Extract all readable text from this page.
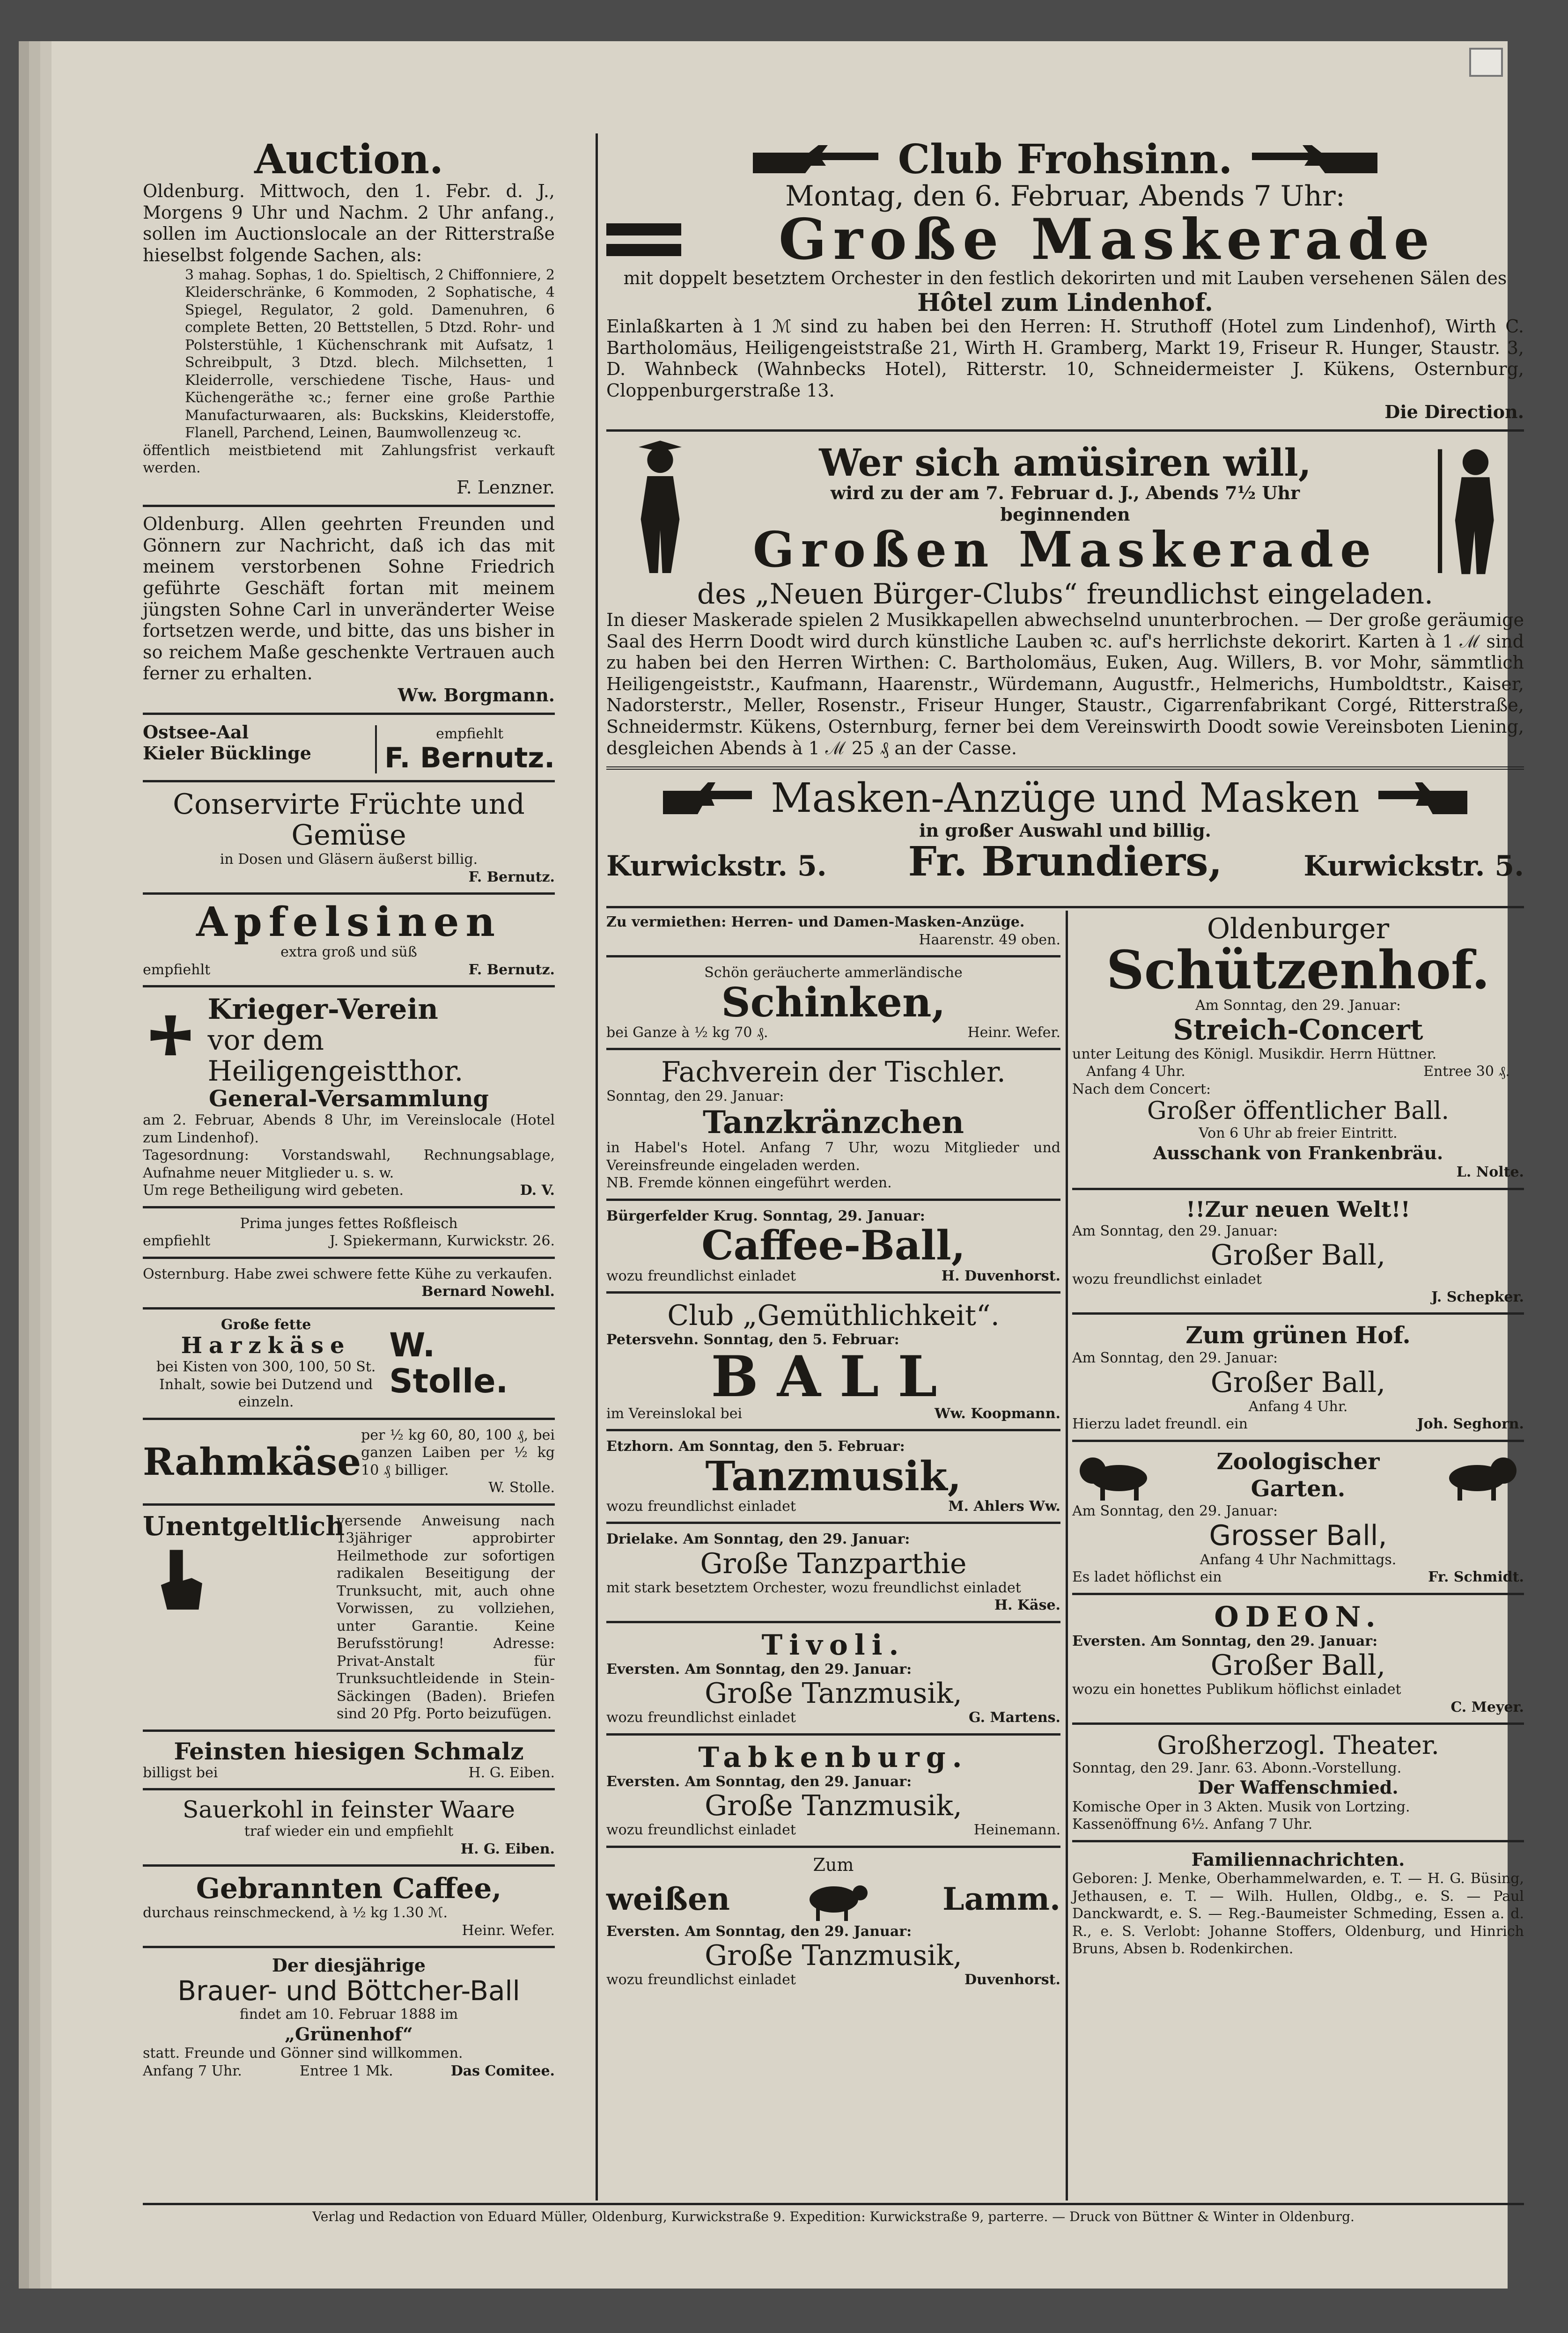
Auction.
Oldenburg. Mittwoch, den 1. Febr. d. J., Morgens 9 Uhr und Nachm. 2 Uhr anfang., sollen im Auctionslocale an der Ritterstraße hieselbst folgende Sachen, als:
3 mahag. Sophas, 1 do. Spieltisch, 2 Chiffonniere, 2 Kleiderschränke, 6 Kommoden, 2 Sophatische, 4 Spiegel, Regulator, 2 gold. Damenuhren, 6 complete Betten, 20 Bettstellen, 5 Dtzd. Rohr- und Polsterstühle, 1 Küchenschrank mit Aufsatz, 1 Schreibpult, 3 Dtzd. blech. Milchsetten, 1 Kleiderrolle, verschiedene Tische, Haus- und Küchengeräthe ꝛc.; ferner eine große Parthie Manufacturwaaren, als: Buckskins, Kleiderstoffe, Flanell, Parchend, Leinen, Baumwollenzeug ꝛc.
öffentlich meistbietend mit Zahlungsfrist verkauft werden.
F. Lenzner.
Oldenburg. Allen geehrten Freunden und Gönnern zur Nachricht, daß ich das mit meinem verstorbenen Sohne Friedrich geführte Geschäft fortan mit meinem jüngsten Sohne Carl in unveränderter Weise fortsetzen werde, und bitte, das uns bisher in so reichem Maße geschenkte Vertrauen auch ferner zu erhalten.
Ww. Borgmann.
Ostsee-Aal
Kieler Bücklinge
empfiehlt
F. Bernutz.
Conservirte Früchte und Gemüse
in Dosen und Gläsern äußerst billig.
F. Bernutz.
Apfelsinen
extra groß und süß
empfiehlt	F. Bernutz.
Krieger-Verein
vor dem Heiligengeistthor.
General-Versammlung
am 2. Februar, Abends 8 Uhr, im Vereinslocale (Hotel zum Lindenhof).
Tagesordnung: Vorstandswahl, Rechnungsablage, Aufnahme neuer Mitglieder u. s. w.
Um rege Betheiligung wird gebeten.	D. V.
Prima junges fettes Roßfleisch
empfiehlt	J. Spiekermann, Kurwickstr. 26.
Osternburg. Habe zwei schwere fette Kühe zu verkaufen.
Bernard Nowehl.
Große fette
Harzkäse
bei Kisten von 300, 100, 50 St. Inhalt, sowie bei Dutzend und einzeln.
W. Stolle.
Rahmkäse
per ½ kg 60, 80, 100 ₰, bei ganzen Laiben per ½ kg 10 ₰ billiger.
W. Stolle.
Unentgeltlich
versende Anweisung nach 13jähriger approbirter Heilmethode zur sofortigen radikalen Beseitigung der Trunksucht, mit, auch ohne Vorwissen, zu vollziehen, unter Garantie. Keine Berufsstörung! Adresse: Privat-Anstalt für Trunksuchtleidende in Stein-Säckingen (Baden). Briefen sind 20 Pfg. Porto beizufügen.
Feinsten hiesigen Schmalz
billigst bei	H. G. Eiben.
Sauerkohl in feinster Waare
traf wieder ein und empfiehlt
H. G. Eiben.
Gebrannten Caffee,
durchaus reinschmeckend, à ½ kg 1.30 ℳ.
Heinr. Wefer.
Der diesjährige
Brauer- und Böttcher-Ball
findet am 10. Februar 1888 im
„Grünenhof“
statt. Freunde und Gönner sind willkommen.
Anfang 7 Uhr.	Entree 1 Mk.	Das Comitee.
Club Frohsinn.
Montag, den 6. Februar, Abends 7 Uhr:
Große Maskerade
mit doppelt besetztem Orchester in den festlich dekorirten und mit Lauben versehenen Sälen des
Hôtel zum Lindenhof.
Einlaßkarten à 1 ℳ sind zu haben bei den Herren: H. Struthoff (Hotel zum Lindenhof), Wirth C. Bartholomäus, Heiligengeiststraße 21, Wirth H. Gramberg, Markt 19, Friseur R. Hunger, Staustr. 3, D. Wahnbeck (Wahnbecks Hotel), Ritterstr. 10, Schneidermeister J. Kükens, Osternburg, Cloppenburgerstraße 13.
Die Direction.
Wer sich amüsiren will,
wird zu der am 7. Februar d. J., Abends 7½ Uhr
beginnenden
Großen Maskerade
des „Neuen Bürger-Clubs“ freundlichst eingeladen.
In dieser Maskerade spielen 2 Musikkapellen abwechselnd ununterbrochen. — Der große geräumige Saal des Herrn Doodt wird durch künstliche Lauben ꝛc. auf's herrlichste dekorirt. Karten à 1 ℳ sind zu haben bei den Herren Wirthen: C. Bartholomäus, Euken, Aug. Willers, B. vor Mohr, sämmtlich Heiligengeiststr., Kaufmann, Haarenstr., Würdemann, Augustfr., Helmerichs, Humboldtstr., Kaiser, Nadorsterstr., Meller, Rosenstr., Friseur Hunger, Staustr., Cigarrenfabrikant Corgé, Ritterstraße, Schneidermstr. Kükens, Osternburg, ferner bei dem Vereinswirth Doodt sowie Vereinsboten Liening, desgleichen Abends à 1 ℳ 25 ₰ an der Casse.
Masken-Anzüge und Masken
in großer Auswahl und billig.
Kurwickstr. 5. Fr. Brundiers,	Kurwickstr. 5.
Zu vermiethen: Herren- und Damen-Masken-Anzüge.
Haarenstr. 49 oben.
Schön geräucherte ammerländische
Schinken,
bei Ganze à ½ kg 70 ₰.	Heinr. Wefer.
Fachverein der Tischler.
Sonntag, den 29. Januar:
Tanzkränzchen
in Habel's Hotel. Anfang 7 Uhr, wozu Mitglieder und Vereinsfreunde eingeladen werden.
NB. Fremde können eingeführt werden.
Bürgerfelder Krug. Sonntag, 29. Januar:
Caffee-Ball,
wozu freundlichst einladet	H. Duvenhorst.
Club „Gemüthlichkeit“.
Petersvehn. Sonntag, den 5. Februar:
BALL
im Vereinslokal bei	Ww. Koopmann.
Etzhorn. Am Sonntag, den 5. Februar:
Tanzmusik,
wozu freundlichst einladet	M. Ahlers Ww.
Drielake. Am Sonntag, den 29. Januar:
Große Tanzparthie
mit stark besetztem Orchester, wozu freundlichst einladet
H. Käse.
Tivoli.
Eversten. Am Sonntag, den 29. Januar:
Große Tanzmusik,
wozu freundlichst einladet	G. Martens.
Tabkenburg.
Eversten. Am Sonntag, den 29. Januar:
Große Tanzmusik,
wozu freundlichst einladet	Heinemann.
Zum
weißen	Lamm.
Eversten. Am Sonntag, den 29. Januar:
Große Tanzmusik,
wozu freundlichst einladet	Duvenhorst.
Oldenburger
Schützenhof.
Am Sonntag, den 29. Januar:
Streich-Concert
unter Leitung des Königl. Musikdir. Herrn Hüttner.
Anfang 4 Uhr.	Entree 30 ₰.
Nach dem Concert:
Großer öffentlicher Ball.
Von 6 Uhr ab freier Eintritt.
Ausschank von Frankenbräu.
L. Nolte.
!!Zur neuen Welt!!
Am Sonntag, den 29. Januar:
Großer Ball,
wozu freundlichst einladet
J. Schepker.
Zum grünen Hof.
Am Sonntag, den 29. Januar:
Großer Ball,
Anfang 4 Uhr.
Hierzu ladet freundl. ein	Joh. Seghorn.
Zoologischer Garten.
Am Sonntag, den 29. Januar:
Grosser Ball,
Anfang 4 Uhr Nachmittags.
Es ladet höflichst ein	Fr. Schmidt.
ODEON.
Eversten. Am Sonntag, den 29. Januar:
Großer Ball,
wozu ein honettes Publikum höflichst einladet
C. Meyer.
Großherzogl. Theater.
Sonntag, den 29. Janr. 63. Abonn.-Vorstellung.
Der Waffenschmied.
Komische Oper in 3 Akten. Musik von Lortzing.
Kassenöffnung 6½. Anfang 7 Uhr.
Familiennachrichten.
Geboren: J. Menke, Oberhammelwarden, e. T. — H. G. Büsing, Jethausen, e. T. — Wilh. Hullen, Oldbg., e. S. — Paul Danckwardt, e. S. — Reg.-Baumeister Schmeding, Essen a. d. R., e. S. Verlobt: Johanne Stoffers, Oldenburg, und Hinrich Bruns, Absen b. Rodenkirchen.
Verlag und Redaction von Eduard Müller, Oldenburg, Kurwickstraße 9. Expedition: Kurwickstraße 9, parterre. — Druck von Büttner & Winter in Oldenburg.
